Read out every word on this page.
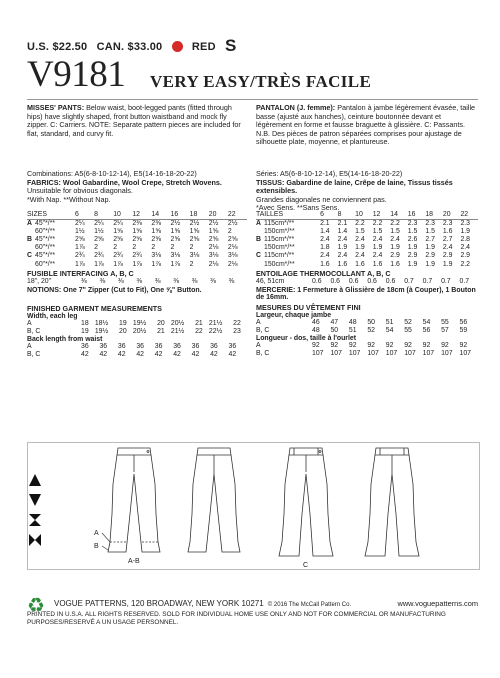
U.S. $22.50 CAN. $33.00	RED S
V9181 VERY EASY/TRÈS FACILE
MISSES' PANTS: Below waist, boot-legged pants (fitted through hips) have slightly shaped, front button waistband and mock fly zipper. C: Carriers. NOTE: Separate pattern pieces are included for flat, standard, and curvy fit.
PANTALON (J. femme): Pantalon à jambe légèrement évasée, taille basse (ajusté aux hanches), ceinture boutonnée devant et légèrement en forme et fausse braguette à glissière. C: Passants. N.B. Des pièces de patron séparées comprises pour ajustage de silhouette plate, moyenne, et plantureuse.
Combinations: A5(6-8-10-12-14), E5(14-16-18-20-22)
FABRICS: Wool Gabardine, Wool Crepe, Stretch Wovens.
Unsuitable for obvious diagonals.
*With Nap. **Without Nap.
Séries: A5(6-8-10-12-14), E5(14-16-18-20-22)
TISSUS: Gabardine de laine, Crêpe de laine, Tissus tissés extensibles.
Grandes diagonales ne conviennent pas.
*Avec Sens. **Sans Sens.
SIZES		6	8	10	12	14	16	18	20	22
A	45"*/**	2¼	2¼	2¼	2⅜	2⅜	2½	2½	2½	2½
	60"*/**	1½	1½	1⅝	1⅝	1⅝	1⅝	1⅝	1⅝	2
B	45"*/**	2⅝	2⅝	2⅝	2⅝	2⅝	2⅝	2⅝	2⅝	2⅝
	60"*/**	1⅞	2	2	2	2	2	2	2⅛	2⅛
C	45"*/**	2¾	2¾	2¾	2¾	3⅛	3⅛	3⅛	3⅛	3⅛
	60"*/**	1⅞	1⅞	1⅞	1⅞	1⅞	1⅞	2	2⅛	2⅛
FUSIBLE INTERFACING A, B, C
18", 20"	⅜	⅜	⅜	⅜	⅜	⅜	⅜	⅜	⅜
NOTIONS: One 7" Zipper (Cut to Fit), One ⅝" Button.
FINISHED GARMENT MEASUREMENTS
Width, each leg
A	18	18½	19	19½	20	20½	21	21½	22
B, C	19	19½	20	20½	21	21½	22	22½	23
Back length from waist
A	36	36	36	36	36	36	36	36	36
B, C	42	42	42	42	42	42	42	42	42
TAILLES		6	8	10	12	14	16	18	20	22
A	115cm*/**	2.1	2.1	2.2	2.2	2.2	2.3	2.3	2.3	2.3
	150cm*/**	1.4	1.4	1.5	1.5	1.5	1.5	1.5	1.6	1.9
B	115cm*/**	2.4	2.4	2.4	2.4	2.4	2.6	2.7	2.7	2.8
	150cm*/**	1.8	1.9	1.9	1.9	1.9	1.9	1.9	2.4	2.4
C	115cm*/**	2.4	2.4	2.4	2.4	2.9	2.9	2.9	2.9	2.9
	150cm*/**	1.6	1.6	1.6	1.6	1.6	1.9	1.9	1.9	2.2
ENTOILAGE THERMOCOLLANT A, B, C
46, 51cm	0.6	0.6	0.6	0.6	0.6	0.7	0.7	0.7	0.7
MERCERIE: 1 Fermeture à Glissière de 18cm (à Couper), 1 Bouton de 16mm.
MESURES DU VÊTEMENT FINI
Largeur, chaque jambe
A	46	47	48	50	51	52	54	55	56
B, C	48	50	51	52	54	55	56	57	59
Longueur - dos, taille à l'ourlet
A	92	92	92	92	92	92	92	92	92
B, C	107	107	107	107	107	107	107	107	107
A
B
A-B
C
♻ VOGUE PATTERNS, 120 BROADWAY, NEW YORK 10271 © 2016 The McCall Pattern Co.	www.voguepatterns.com
PRINTED IN U.S.A. ALL RIGHTS RESERVED. SOLD FOR INDIVIDUAL HOME USE ONLY AND NOT FOR COMMERCIAL OR MANUFACTURING PURPOSES/RESERVÉ A UN USAGE PERSONNEL.
